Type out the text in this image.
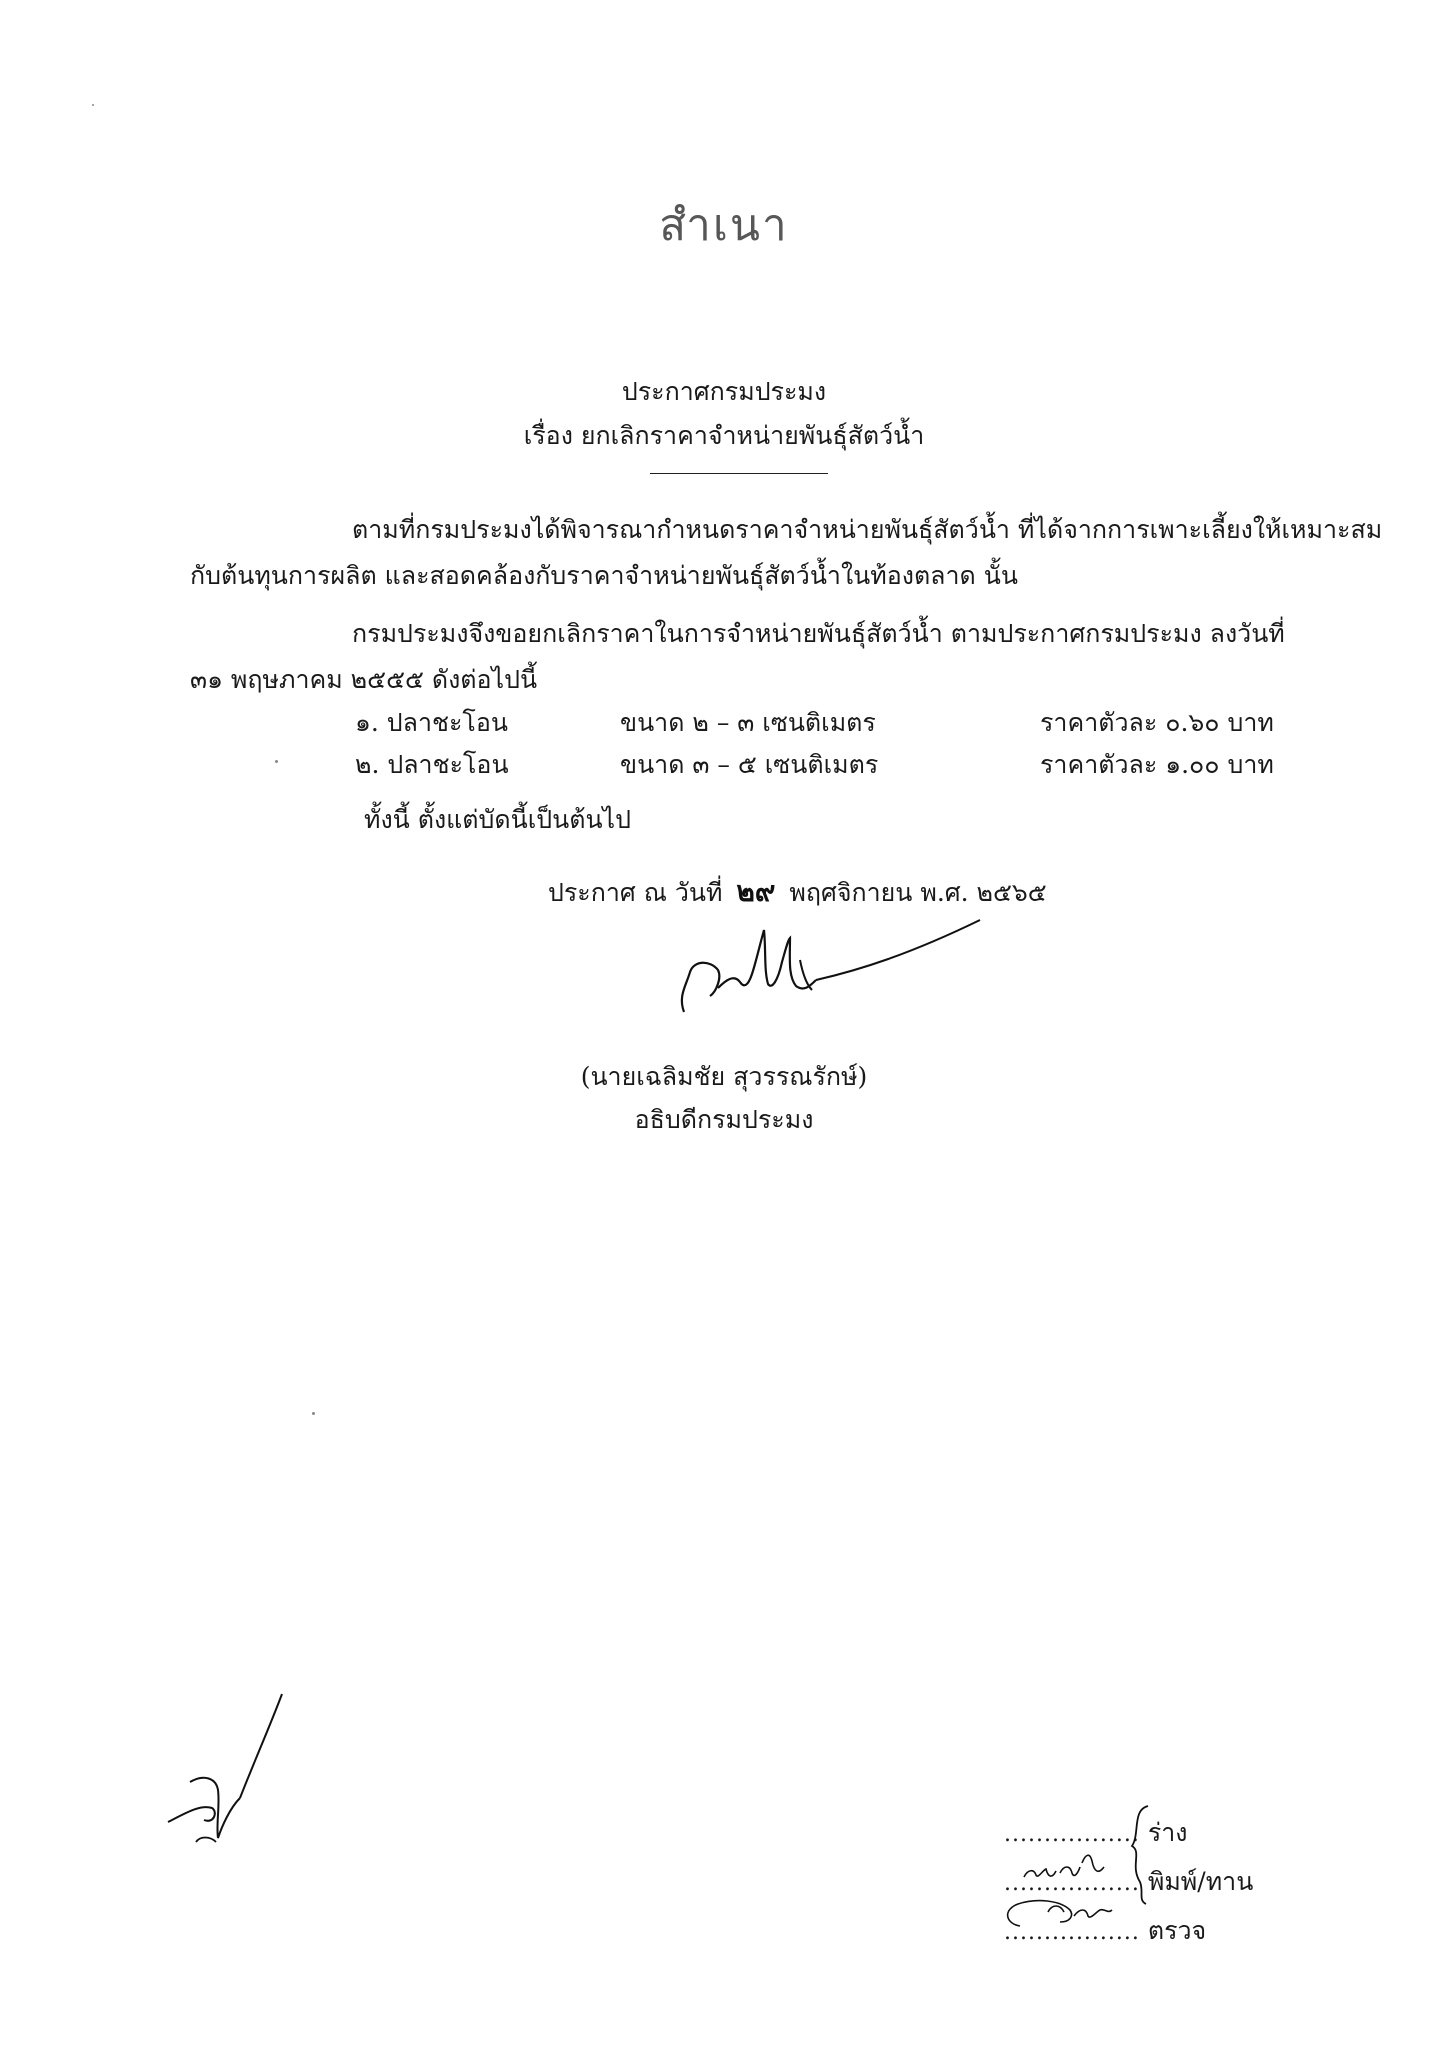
สำเนา
ประกาศกรมประมง
เรื่อง ยกเลิกราคาจำหน่ายพันธุ์สัตว์น้ำ
ตามที่กรมประมงได้พิจารณากำหนดราคาจำหน่ายพันธุ์สัตว์น้ำ ที่ได้จากการเพาะเลี้ยงให้เหมาะสม
กับต้นทุนการผลิต และสอดคล้องกับราคาจำหน่ายพันธุ์สัตว์น้ำในท้องตลาด นั้น
กรมประมงจึงขอยกเลิกราคาในการจำหน่ายพันธุ์สัตว์น้ำ ตามประกาศกรมประมง ลงวันที่
๓๑ พฤษภาคม ๒๕๕๕ ดังต่อไปนี้
๑. ปลาชะโอน	ขนาด ๒ – ๓ เซนติเมตร	ราคาตัวละ ๐.๖๐ บาท
๒. ปลาชะโอน	ขนาด ๓ – ๕ เซนติเมตร	ราคาตัวละ ๑.๐๐ บาท
ทั้งนี้ ตั้งแต่บัดนี้เป็นต้นไป
ประกาศ ณ วันที่ ๒๙ พฤศจิกายน พ.ศ. ๒๕๖๕
(นายเฉลิมชัย สุวรรณรักษ์)
อธิบดีกรมประมง
................. ร่าง
................. พิมพ์/ทาน
................. ตรวจ
